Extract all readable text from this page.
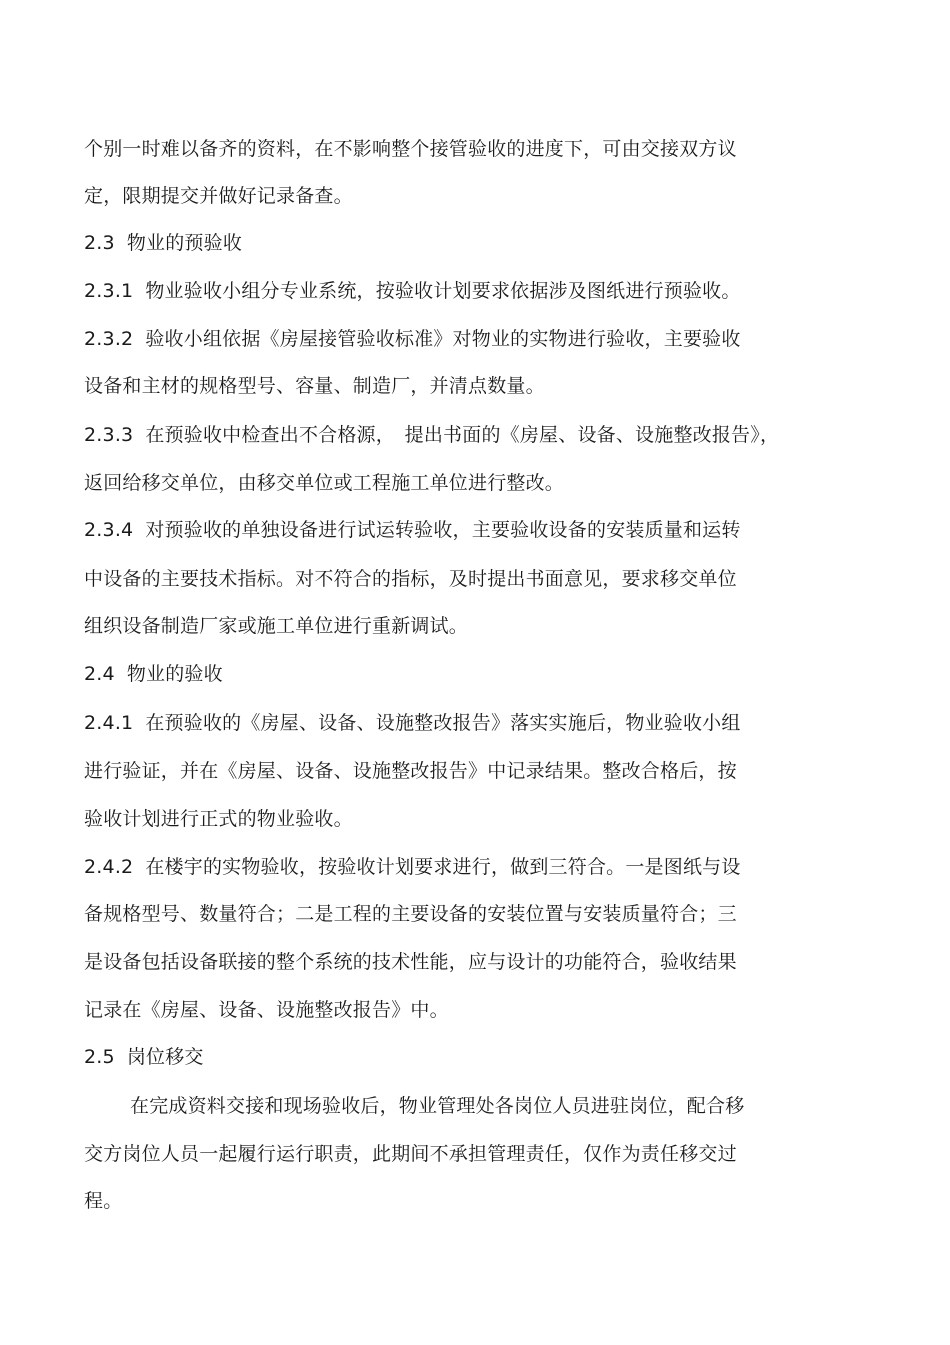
个别一时难以备齐的资料，在不影响整个接管验收的进度下，可由交接双方议
定，限期提交并做好记录备查。
2.3 物业的预验收
2.3.1 物业验收小组分专业系统，按验收计划要求依据涉及图纸进行预验收。
2.3.2 验收小组依据《房屋接管验收标准》对物业的实物进行验收，主要验收
设备和主材的规格型号、容量、制造厂，并清点数量。
2.3.3 在预验收中检查出不合格源，　提出书面的《房屋、设备、设施整改报告》，
返回给移交单位，由移交单位或工程施工单位进行整改。
2.3.4 对预验收的单独设备进行试运转验收，主要验收设备的安装质量和运转
中设备的主要技术指标。对不符合的指标，及时提出书面意见，要求移交单位
组织设备制造厂家或施工单位进行重新调试。
2.4 物业的验收
2.4.1 在预验收的《房屋、设备、设施整改报告》落实实施后，物业验收小组
进行验证，并在《房屋、设备、设施整改报告》中记录结果。整改合格后，按
验收计划进行正式的物业验收。
2.4.2 在楼宇的实物验收，按验收计划要求进行，做到三符合。一是图纸与设
备规格型号、数量符合；二是工程的主要设备的安装位置与安装质量符合；三
是设备包括设备联接的整个系统的技术性能，应与设计的功能符合，验收结果
记录在《房屋、设备、设施整改报告》中。
2.5 岗位移交
在完成资料交接和现场验收后，物业管理处各岗位人员进驻岗位，配合移
交方岗位人员一起履行运行职责，此期间不承担管理责任，仅作为责任移交过
程。
